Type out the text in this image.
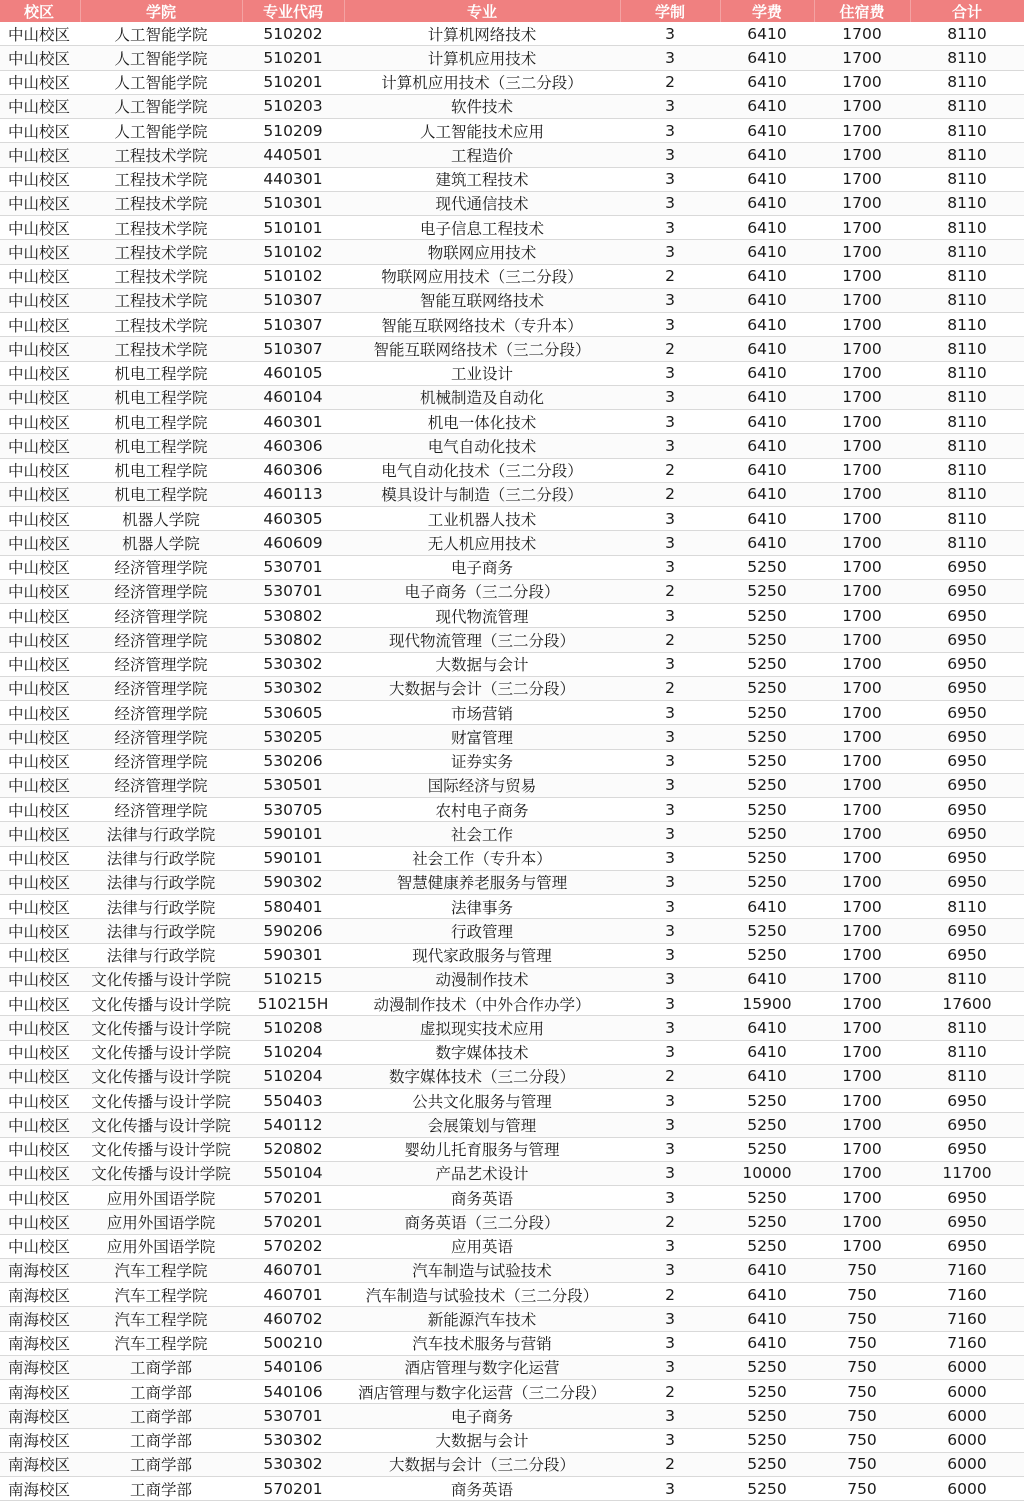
校区	学院	专业代码	专业	学制	学费	住宿费	合计
中山校区	人工智能学院	510202	计算机网络技术	3	6410	1700	8110
中山校区	人工智能学院	510201	计算机应用技术	3	6410	1700	8110
中山校区	人工智能学院	510201	计算机应用技术（三二分段）	2	6410	1700	8110
中山校区	人工智能学院	510203	软件技术	3	6410	1700	8110
中山校区	人工智能学院	510209	人工智能技术应用	3	6410	1700	8110
中山校区	工程技术学院	440501	工程造价	3	6410	1700	8110
中山校区	工程技术学院	440301	建筑工程技术	3	6410	1700	8110
中山校区	工程技术学院	510301	现代通信技术	3	6410	1700	8110
中山校区	工程技术学院	510101	电子信息工程技术	3	6410	1700	8110
中山校区	工程技术学院	510102	物联网应用技术	3	6410	1700	8110
中山校区	工程技术学院	510102	物联网应用技术（三二分段）	2	6410	1700	8110
中山校区	工程技术学院	510307	智能互联网络技术	3	6410	1700	8110
中山校区	工程技术学院	510307	智能互联网络技术（专升本）	3	6410	1700	8110
中山校区	工程技术学院	510307	智能互联网络技术（三二分段）	2	6410	1700	8110
中山校区	机电工程学院	460105	工业设计	3	6410	1700	8110
中山校区	机电工程学院	460104	机械制造及自动化	3	6410	1700	8110
中山校区	机电工程学院	460301	机电一体化技术	3	6410	1700	8110
中山校区	机电工程学院	460306	电气自动化技术	3	6410	1700	8110
中山校区	机电工程学院	460306	电气自动化技术（三二分段）	2	6410	1700	8110
中山校区	机电工程学院	460113	模具设计与制造（三二分段）	2	6410	1700	8110
中山校区	机器人学院	460305	工业机器人技术	3	6410	1700	8110
中山校区	机器人学院	460609	无人机应用技术	3	6410	1700	8110
中山校区	经济管理学院	530701	电子商务	3	5250	1700	6950
中山校区	经济管理学院	530701	电子商务（三二分段）	2	5250	1700	6950
中山校区	经济管理学院	530802	现代物流管理	3	5250	1700	6950
中山校区	经济管理学院	530802	现代物流管理（三二分段）	2	5250	1700	6950
中山校区	经济管理学院	530302	大数据与会计	3	5250	1700	6950
中山校区	经济管理学院	530302	大数据与会计（三二分段）	2	5250	1700	6950
中山校区	经济管理学院	530605	市场营销	3	5250	1700	6950
中山校区	经济管理学院	530205	财富管理	3	5250	1700	6950
中山校区	经济管理学院	530206	证券实务	3	5250	1700	6950
中山校区	经济管理学院	530501	国际经济与贸易	3	5250	1700	6950
中山校区	经济管理学院	530705	农村电子商务	3	5250	1700	6950
中山校区	法律与行政学院	590101	社会工作	3	5250	1700	6950
中山校区	法律与行政学院	590101	社会工作（专升本）	3	5250	1700	6950
中山校区	法律与行政学院	590302	智慧健康养老服务与管理	3	5250	1700	6950
中山校区	法律与行政学院	580401	法律事务	3	6410	1700	8110
中山校区	法律与行政学院	590206	行政管理	3	5250	1700	6950
中山校区	法律与行政学院	590301	现代家政服务与管理	3	5250	1700	6950
中山校区	文化传播与设计学院	510215	动漫制作技术	3	6410	1700	8110
中山校区	文化传播与设计学院	510215H	动漫制作技术（中外合作办学）	3	15900	1700	17600
中山校区	文化传播与设计学院	510208	虚拟现实技术应用	3	6410	1700	8110
中山校区	文化传播与设计学院	510204	数字媒体技术	3	6410	1700	8110
中山校区	文化传播与设计学院	510204	数字媒体技术（三二分段）	2	6410	1700	8110
中山校区	文化传播与设计学院	550403	公共文化服务与管理	3	5250	1700	6950
中山校区	文化传播与设计学院	540112	会展策划与管理	3	5250	1700	6950
中山校区	文化传播与设计学院	520802	婴幼儿托育服务与管理	3	5250	1700	6950
中山校区	文化传播与设计学院	550104	产品艺术设计	3	10000	1700	11700
中山校区	应用外国语学院	570201	商务英语	3	5250	1700	6950
中山校区	应用外国语学院	570201	商务英语（三二分段）	2	5250	1700	6950
中山校区	应用外国语学院	570202	应用英语	3	5250	1700	6950
南海校区	汽车工程学院	460701	汽车制造与试验技术	3	6410	750	7160
南海校区	汽车工程学院	460701	汽车制造与试验技术（三二分段）	2	6410	750	7160
南海校区	汽车工程学院	460702	新能源汽车技术	3	6410	750	7160
南海校区	汽车工程学院	500210	汽车技术服务与营销	3	6410	750	7160
南海校区	工商学部	540106	酒店管理与数字化运营	3	5250	750	6000
南海校区	工商学部	540106	酒店管理与数字化运营（三二分段）	2	5250	750	6000
南海校区	工商学部	530701	电子商务	3	5250	750	6000
南海校区	工商学部	530302	大数据与会计	3	5250	750	6000
南海校区	工商学部	530302	大数据与会计（三二分段）	2	5250	750	6000
南海校区	工商学部	570201	商务英语	3	5250	750	6000
